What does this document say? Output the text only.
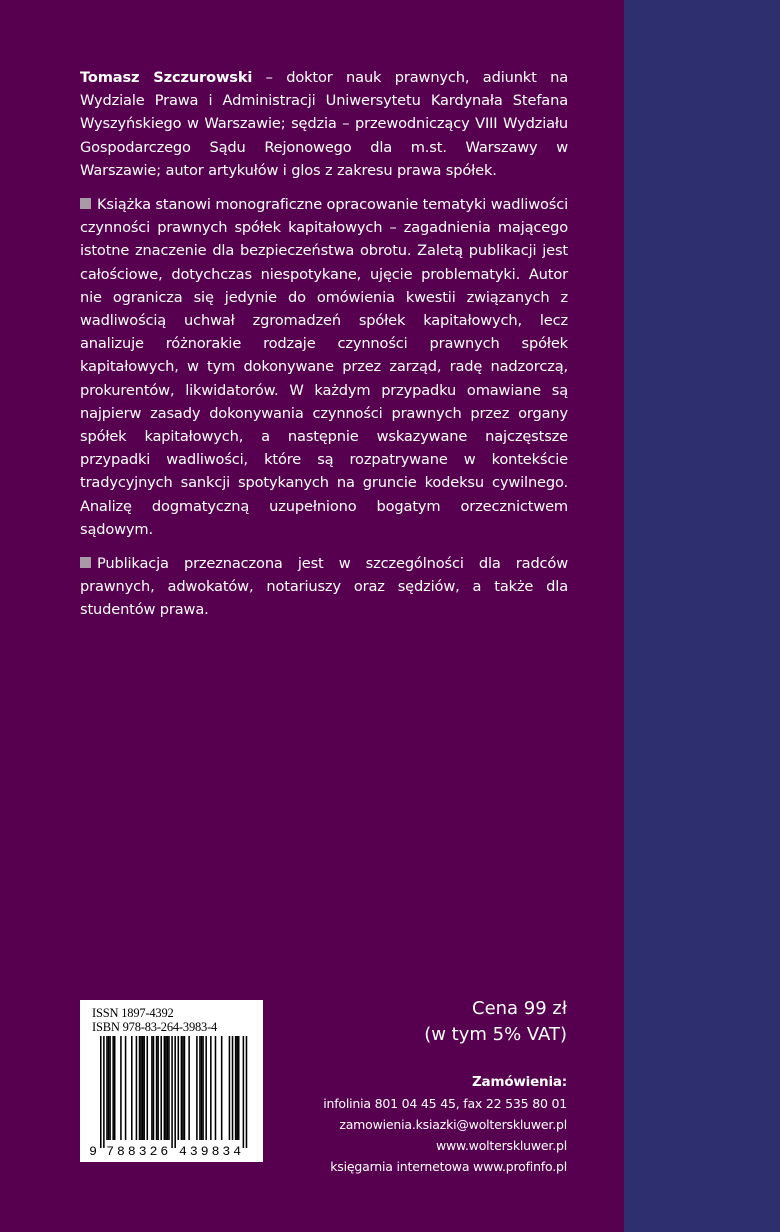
Tomasz Szczurowski – doktor nauk prawnych, adiunkt na Wydziale Prawa i Administracji Uniwersytetu Kardynała Stefana Wyszyńskiego w Warszawie; sędzia – przewodniczący VIII Wydziału Gospodarczego Sądu Rejonowego dla m.st. Warszawy w Warszawie; autor artykułów i glos z zakresu prawa spółek.

Książka stanowi monograficzne opracowanie tematyki wadliwości czynności prawnych spółek kapitałowych – zagadnienia mającego istotne znaczenie dla bezpieczeństwa obrotu. Zaletą publikacji jest całościowe, dotychczas niespotykane, ujęcie problematyki. Autor nie ogranicza się jedynie do omówienia kwestii związanych z wadliwością uchwał zgromadzeń spółek kapitałowych, lecz analizuje różnorakie rodzaje czynności prawnych spółek kapitałowych, w tym dokonywane przez zarząd, radę nadzorczą, prokurentów, likwidatorów. W każdym przypadku omawiane są najpierw zasady dokonywania czynności prawnych przez organy spółek kapitałowych, a następnie wskazywane najczęstsze przypadki wadliwości, które są rozpatrywane w kontekście tradycyjnych sankcji spotykanych na gruncie kodeksu cywilnego. Analizę dogmatyczną uzupełniono bogatym orzecznictwem sądowym.

Publikacja przeznaczona jest w szczególności dla radców prawnych, adwokatów, notariuszy oraz sędziów, a także dla studentów prawa.

ISSN 1897-4392
ISBN 978-83-264-3983-4
9 7 8 8 3 2 6 4 3 9 8 3 4
Cena 99 zł
(w tym 5% VAT)
Zamówienia:
infolinia 801 04 45 45, fax 22 535 80 01
zamowienia.ksiazki@wolterskluwer.pl
www.wolterskluwer.pl
księgarnia internetowa www.profinfo.pl
